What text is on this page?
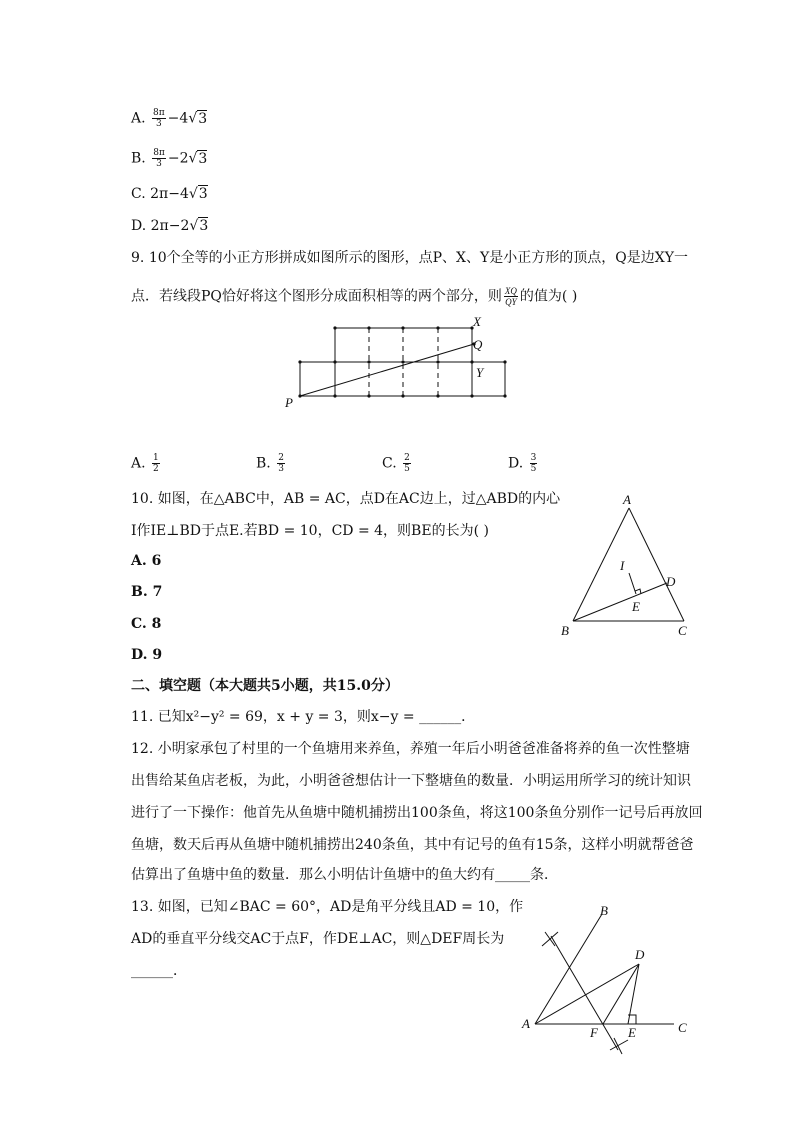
A. $\frac{8\pi}{3} -4√3$
B. $\frac{8\pi}{3} -2√3$
C. 2π−4√3
D. 2π−2√3
9. 10个全等的小正方形拼成如图所示的图形，点P、X、Y是小正方形的顶点，Q是边XY一
点．若线段PQ恰好将这个图形分成面积相等的两个部分，则 $\frac{XQ}{QY}$ 的值为( )
P
X
Q
Y
A. $\frac{1}{2}$	B. $\frac{2}{3}$	C. $\frac{2}{5}$	D. $\frac{3}{5}$
10. 如图，在△ABC中，AB = AC，点D在AC边上，过△ABD的内心
I作IE⊥BD于点E.若BD = 10，CD = 4，则BE的长为( )
A. 6
B. 7
C. 8
D. 9
A
B	C
D
I
E
二、填空题（本大题共5小题，共15.0分）
11. 已知x²−y² = 69，x + y = 3，则x−y = ______．
12. 小明家承包了村里的一个鱼塘用来养鱼，养殖一年后小明爸爸准备将养的鱼一次性整塘
出售给某鱼店老板，为此，小明爸爸想估计一下整塘鱼的数量．小明运用所学习的统计知识
进行了一下操作：他首先从鱼塘中随机捕捞出100条鱼，将这100条鱼分别作一记号后再放回
鱼塘，数天后再从鱼塘中随机捕捞出240条鱼，其中有记号的鱼有15条，这样小明就帮爸爸
估算出了鱼塘中鱼的数量．那么小明估计鱼塘中的鱼大约有_____条．
13. 如图，已知∠BAC = 60°，AD是角平分线且AD = 10，作
AD的垂直平分线交AC于点F，作DE⊥AC，则△DEF周长为
______．
A
B
C
D
E
F
